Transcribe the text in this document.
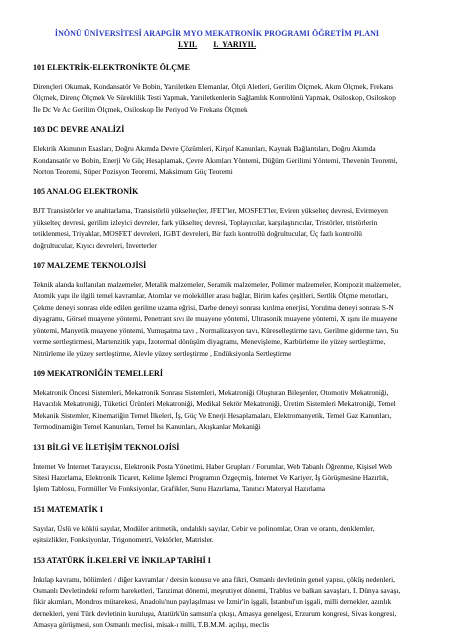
İNÖNÜ ÜNİVERSİTESİ ARAPGİR MYO MEKATRONİK PROGRAMI ÖĞRETİM PLANI

I.YIL I. YARIYIL

101 ELEKTRİK-ELEKTRONİKTE ÖLÇME

Dirençleri Okumak, Kondansatör Ve Bobin, Yarıiletken Elemanlar, Ölçü Aletleri, Gerilim Ölçmek, Akım Ölçmek, Frekans Ölçmek, Direnç Ölçmek Ve Süreklilik Testi Yapmak, Yarıiletkenlerin Sağlamlık Kontrolünü Yapmak, Osiloskop, Osiloskop İle Dc Ve Ac Gerilim Ölçmek, Osiloskop İle Periyod Ve Frekans Ölçmek

103 DC DEVRE ANALİZİ

Elektrik Akımının Esasları, Doğru Akımda Devre Çözümleri, Kirşof Kanunları, Kaynak Bağlantıları, Doğru Akımda Kondansatör ve Bobin, Enerji Ve Güç Hesaplamak, Çevre Akımları Yöntemi, Düğüm Gerilimi Yöntemi, Thevenin Teoremi, Norton Teoremi, Süper Pozisyon Teoremi, Maksimum Güç Teoremi

105 ANALOG ELEKTRONİK

BJT Transistörler ve anahtarlama, Transistörlü yükselteçler, JFET'ler, MOSFET'ler, Eviren yükselteç devresi, Evirmeyen yükselteç devresi, gerilim izleyici devreler, fark yükselteç devresi, Toplayıcılar, karşılaştırıcılar, Tristörler, tristörlerin tetiklenmesi, Triyaklar, MOSFET devreleri, IGBT devreleri, Bir fazlı kontrollü doğrultucular, Üç fazlı kontrollü doğrultucular, Kıyıcı devreleri, İnverterler

107 MALZEME TEKNOLOJİSİ

Teknik alanda kullanılan malzemeler, Metalik malzemeler, Seramik malzemeler, Polimer malzemeler, Kompozit malzemeler, Atomik yapı ile ilgili temel kavramlar, Atomlar ve moleküller arası bağlar, Birim kafes çeşitleri, Sertlik Ölçme metotları, Çekme deneyi sonrası elde edilen gerilme uzama eğrisi, Darbe deneyi sonrası kırılma enerjisi, Yorulma deneyi sonrası S-N diyagramı, Görsel muayene yöntemi, Penetrant sıvı ile muayene yöntemi, Ultrasonik muayene yöntemi, X ışını ile muayene yöntemi, Manyetik muayene yöntemi, Yumuşatma tavı , Normalizasyon tavı, Küreselleştirme tavı, Gerilme giderme tavı, Su verme sertleştirmesi, Martenzitik yapı, İzotermal dönüşüm diyagramı, Menevişleme, Karbürleme ile yüzey sertleştirme, Nitrürleme ile yüzey sertleştirme, Alevle yüzey sertleştirme , Endüksiyonla Sertleştirme

109 MEKATRONİĞİN TEMELLERİ

Mekatronik Öncesi Sistemleri, Mekatronik Sonrası Sistemleri, Mekatroniği Oluşturan Bileşenler, Otomotiv Mekatroniği, Havacılık Mekatroniği, Tüketici Ürünleri Mekatroniği, Medikal Sektör Mekatroniği, Üretim Sistemleri Mekatroniği, Temel Mekanik Sistemler, Kinematiğin Temel İlkeleri, İş, Güç Ve Enerji Hesaplamaları, Elektromanyetik, Temel Gaz Kanunları, Termodinamiğin Temel Kanunları, Temel Isı Kanunları, Akışkanlar Mekaniği

131 BİLGİ VE İLETİŞİM TEKNOLOJİSİ

İnternet Ve İnternet Tarayıcısı, Elektronik Posta Yönetimi, Haber Grupları / Forumlar, Web Tabanlı Öğrenme, Kişisel Web Sitesi Hazırlama, Elektronik Ticaret, Kelime İşlemci Programın Özgeçmiş, İnternet Ve Kariyer, İş Görüşmesine Hazırlık, İşlem Tablosu, Formüller Ve Fonksiyonlar, Grafikler, Sunu Hazırlama, Tanıtıcı Materyal Hazırlama

151 MATEMATİK I

Sayılar, Üslü ve köklü sayılar, Modüler aritmetik, ondalıklı sayılar, Cebir ve polinomlar, Oran ve orantı, denklemler, eşitsizlikler, Fonksiyonlar, Trigonometri, Vektörler, Matrisler.

153 ATATÜRK İLKELERİ VE İNKILAP TARİHİ I

İnkılap kavramı, bölümleri / diğer kavramlar / dersin konusu ve ana fikri, Osmanlı devletinin genel yapısı, çöküş nedenleri, Osmanlı Devletindeki reform hareketleri, Tanzimat dönemi, meşrutiyet dönemi, Trablus ve balkan savaşları, I. Dünya savaşı, fikir akımları, Mondros mütarekesi, Anadolu'nun paylaşılması ve İzmir'in işgali, İstanbul'un işgali, milli dernekler, azınlık dernekleri, yeni Türk devletinin kuruluşu, Atatürk'ün samsun'a çıkışı, Amasya genelgesi, Erzurum kongresi, Sivas kongresi, Amasya görüşmesi, son Osmanlı meclisi, misak-ı milli, T.B.M.M. açılışı, meclis
